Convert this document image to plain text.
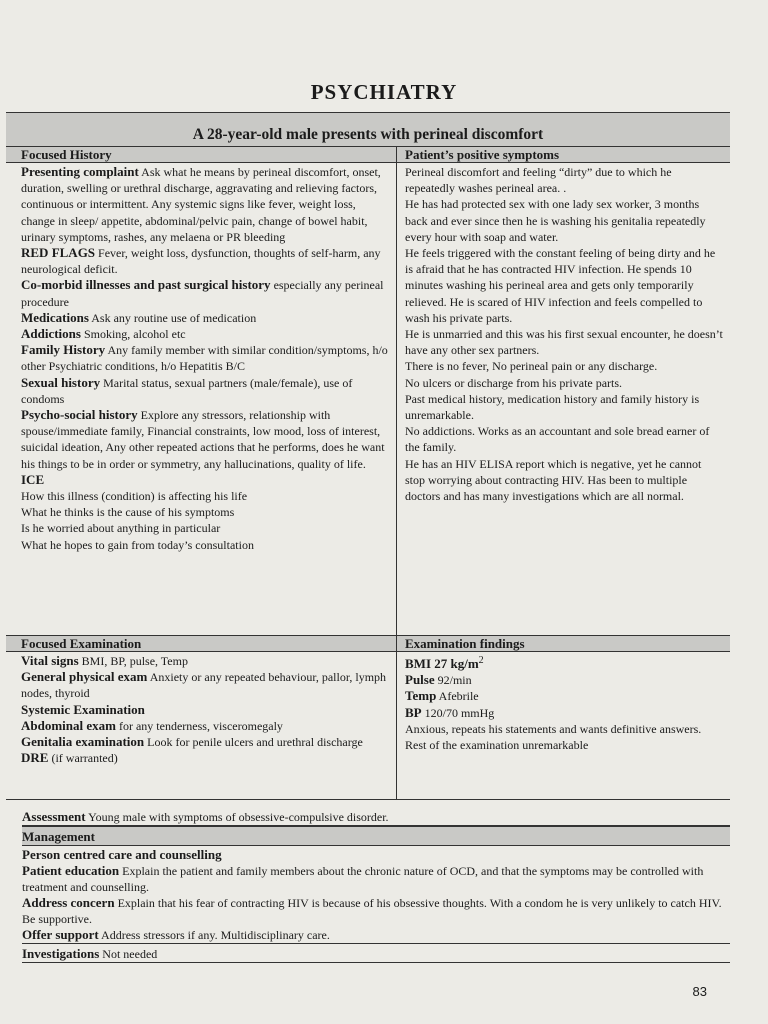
PSYCHIATRY
A 28-year-old male presents with perineal discomfort
Focused History

Presenting complaint Ask what he means by perineal discomfort, onset, duration, swelling or urethral discharge, aggravating and relieving factors, continuous or intermittent. Any systemic signs like fever, weight loss, change in sleep/ appetite, abdominal/pelvic pain, change of bowel habit, urinary symptoms, rashes, any melaena or PR bleeding

RED FLAGS Fever, weight loss, dysfunction, thoughts of self-harm, any neurological deficit.

Co-morbid illnesses and past surgical history especially any perineal procedure

Medications Ask any routine use of medication

Addictions Smoking, alcohol etc

Family History Any family member with similar condition/symptoms, h/o other Psychiatric conditions, h/o Hepatitis B/C

Sexual history Marital status, sexual partners (male/female), use of condoms

Psycho-social history Explore any stressors, relationship with spouse/immediate family, Financial constraints, low mood, loss of interest, suicidal ideation, Any other repeated actions that he performs, does he want his things to be in order or symmetry, any hallucinations, quality of life.

ICE

How this illness (condition) is affecting his life

What he thinks is the cause of his symptoms

Is he worried about anything in particular

What he hopes to gain from today’s consultation

Patient’s positive symptoms

Perineal discomfort and feeling “dirty” due to which he repeatedly washes perineal area. .

He has had protected sex with one lady sex worker, 3 months back and ever since then he is washing his genitalia repeatedly every hour with soap and water.

He feels triggered with the constant feeling of being dirty and he is afraid that he has contracted HIV infection. He spends 10 minutes washing his perineal area and gets only temporarily relieved. He is scared of HIV infection and feels compelled to wash his private parts.

He is unmarried and this was his first sexual encounter, he doesn’t have any other sex partners.

There is no fever, No perineal pain or any discharge.

No ulcers or discharge from his private parts.

Past medical history, medication history and family history is unremarkable.

No addictions. Works as an accountant and sole bread earner of the family.

He has an HIV ELISA report which is negative, yet he cannot stop worrying about contracting HIV. Has been to multiple doctors and has many investigations which are all normal.

Focused Examination

Vital signs BMI, BP, pulse, Temp

General physical exam Anxiety or any repeated behaviour, pallor, lymph nodes, thyroid

Systemic Examination

Abdominal exam for any tenderness, visceromegaly

Genitalia examination Look for penile ulcers and urethral discharge

DRE (if warranted)

Examination findings

BMI 27 $kg/m^2$

Pulse 92/min

Temp Afebrile

BP 120/70 mmHg

Anxious, repeats his statements and wants definitive answers.

Rest of the examination unremarkable

Assessment Young male with symptoms of obsessive-compulsive disorder.
Management

Person centred care and counselling

Patient education Explain the patient and family members about the chronic nature of OCD, and that the symptoms may be controlled with treatment and counselling.

Address concern Explain that his fear of contracting HIV is because of his obsessive thoughts. With a condom he is very unlikely to catch HIV. Be supportive.

Offer support Address stressors if any. Multidisciplinary care.

Investigations Not needed
83
